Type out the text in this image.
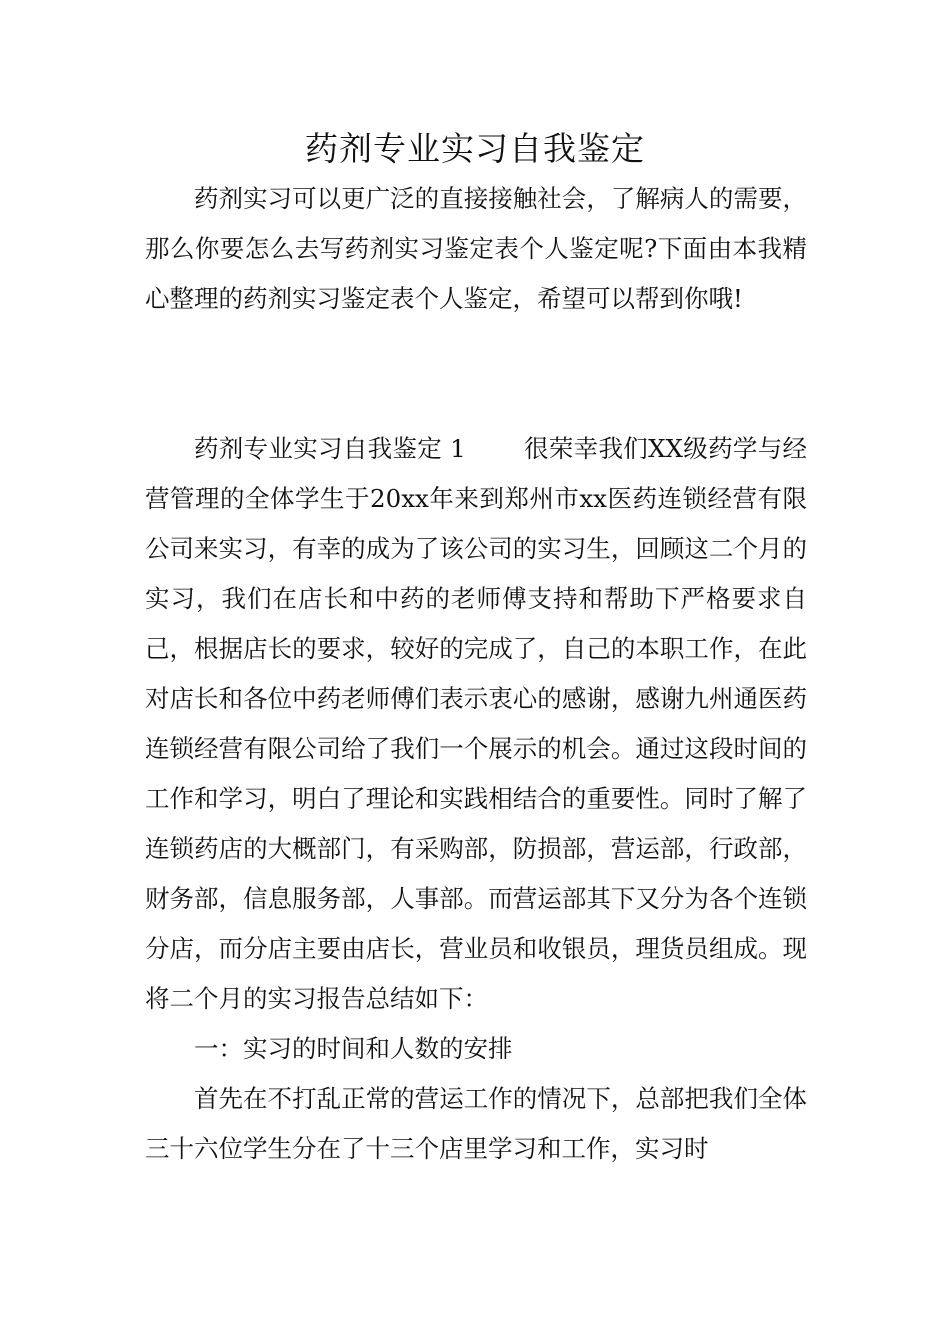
药剂专业实习自我鉴定

药剂实习可以更广泛的直接接触社会，了解病人的需要，那么你要怎么去写药剂实习鉴定表个人鉴定呢?下面由本我精心整理的药剂实习鉴定表个人鉴定，希望可以帮到你哦!

药剂专业实习自我鉴定 1 很荣幸我们XX级药学与经营管理的全体学生于20xx年来到郑州市xx医药连锁经营有限公司来实习，有幸的成为了该公司的实习生，回顾这二个月的实习，我们在店长和中药的老师傅支持和帮助下严格要求自己，根据店长的要求，较好的完成了，自己的本职工作，在此对店长和各位中药老师傅们表示衷心的感谢，感谢九州通医药连锁经营有限公司给了我们一个展示的机会。通过这段时间的工作和学习，明白了理论和实践相结合的重要性。同时了解了连锁药店的大概部门，有采购部，防损部，营运部，行政部，财务部，信息服务部，人事部。而营运部其下又分为各个连锁分店，而分店主要由店长，营业员和收银员，理货员组成。现将二个月的实习报告总结如下：

一：实习的时间和人数的安排

首先在不打乱正常的营运工作的情况下，总部把我们全体三十六位学生分在了十三个店里学习和工作，实习时
